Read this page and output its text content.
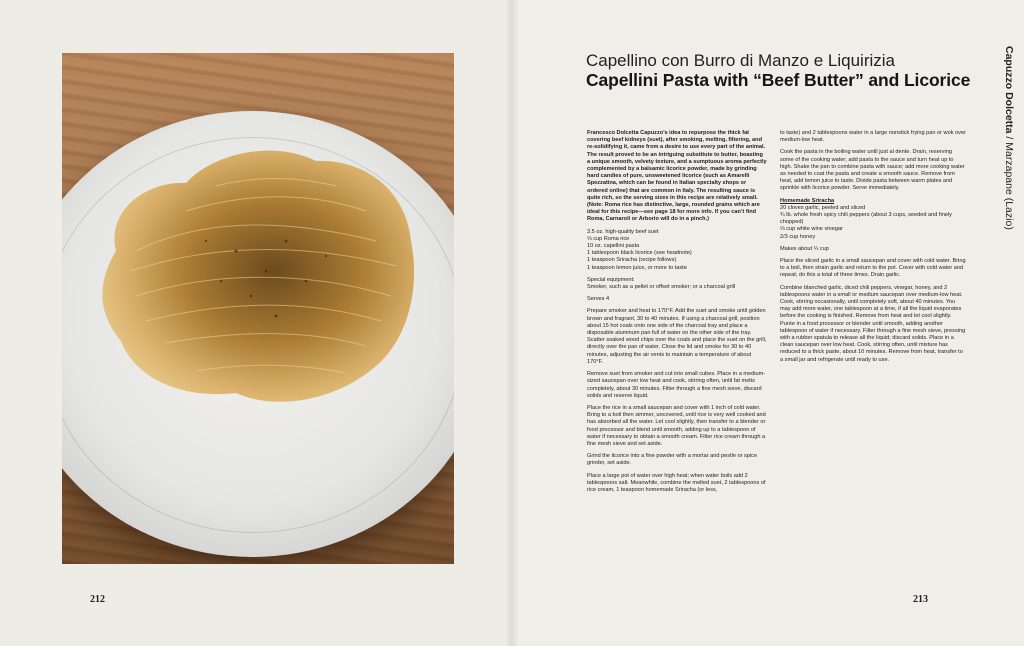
212	213
Capellino con Burro di Manzo e Liquirizia
Capellini Pasta with “Beef Butter” and Licorice	Capuzzo Dolcetta / Marzapane (Lazio)

Francesco Dolcetta Capuzzo’s idea to repurpose the thick fat covering beef kidneys (suet), after smoking, melting, filtering, and re-solidifying it, came from a desire to use every part of the animal. The result proved to be an intriguing substitute to butter, boasting a unique smooth, velvety texture, and a sumptuous aroma perfectly complemented by a balsamic licorice powder, made by grinding hard candies of pure, unsweetened licorice (such as Amarelli Spezzatina, which can be found in Italian specialty shops or ordered online) that are common in Italy. The resulting sauce is quite rich, so the serving sizes in this recipe are relatively small. (Note: Roma rice has distinctive, large, rounded grains which are ideal for this recipe—see page 18 for more info. If you can’t find Roma, Carnaroli or Arborio will do in a pinch.)

3.5 oz. high-quality beef suet
⅓ cup Roma rice
10 oz. capellini pasta
1 tablespoon black licorice (see headnote)
1 teaspoon Sriracha (recipe follows)
1 teaspoon lemon juice, or more to taste

Special equipment:
Smoker, such as a pellet or offset smoker; or a charcoal grill

Serves 4

Prepare smoker and heat to 170°F. Add the suet and smoke until golden brown and fragrant, 30 to 40 minutes. If using a charcoal grill, position about 15 hot coals onto one side of the charcoal tray and place a disposable aluminum pan full of water on the other side of the tray. Scatter soaked wood chips over the coals and place the suet on the grill, directly over the pan of water. Close the lid and smoke for 30 to 40 minutes, adjusting the air vents to maintain a temperature of about 170°F.

Remove suet from smoker and cut into small cubes. Place in a medium-sized saucepan over low heat and cook, stirring often, until fat melts completely, about 30 minutes. Filter through a fine mesh sieve, discard solids and reserve liquid.

Place the rice in a small saucepan and cover with 1 inch of cold water. Bring to a boil then simmer, uncovered, until rice is very well cooked and has absorbed all the water. Let cool slightly, then transfer to a blender or food processor and blend until smooth, adding up to a tablespoon of water if necessary to obtain a smooth cream. Filter rice cream through a fine mesh sieve and set aside.

Grind the licorice into a fine powder with a mortar and pestle or spice grinder, set aside.

Place a large pot of water over high heat; when water boils add 2 tablespoons salt. Meanwhile, combine the melted suet, 2 tablespoons of rice cream, 1 teaspoon homemade Sriracha (or less,

to taste) and 2 tablespoons water in a large nonstick frying pan or wok over medium-low heat.

Cook the pasta in the boiling water until just al dente. Drain, reserving some of the cooking water; add pasta to the sauce and turn heat up to high. Shake the pan to combine pasta with sauce; add more cooking water as needed to coat the pasta and create a smooth sauce. Remove from heat, add lemon juice to taste. Divide pasta between warm plates and sprinkle with licorice powder. Serve immediately.

Homemade Sriracha

20 cloves garlic, peeled and sliced
¾ lb. whole fresh spicy chili peppers (about 3 cups, seeded and finely chopped)
⅓ cup white wine vinegar
2/3 cup honey

Makes about ¼ cup

Place the sliced garlic in a small saucepan and cover with cold water. Bring to a boil, then strain garlic and return to the pot. Cover with cold water and repeat; do this a total of three times. Drain garlic.

Combine blanched garlic, diced chili peppers, vinegar, honey, and 2 tablespoons water in a small or medium saucepan over medium-low heat. Cook, stirring occasionally, until completely soft, about 40 minutes. You may add more water, one tablespoon at a time, if all the liquid evaporates before the cooking is finished. Remove from heat and let cool slightly. Purée in a food processor or blender until smooth, adding another tablespoon of water if necessary. Filter through a fine mesh sieve, pressing with a rubber spatula to release all the liquid; discard solids. Place in a clean saucepan over low heat. Cook, stirring often, until mixture has reduced to a thick paste, about 10 minutes. Remove from heat, transfer to a small jar and refrigerate until ready to use.
